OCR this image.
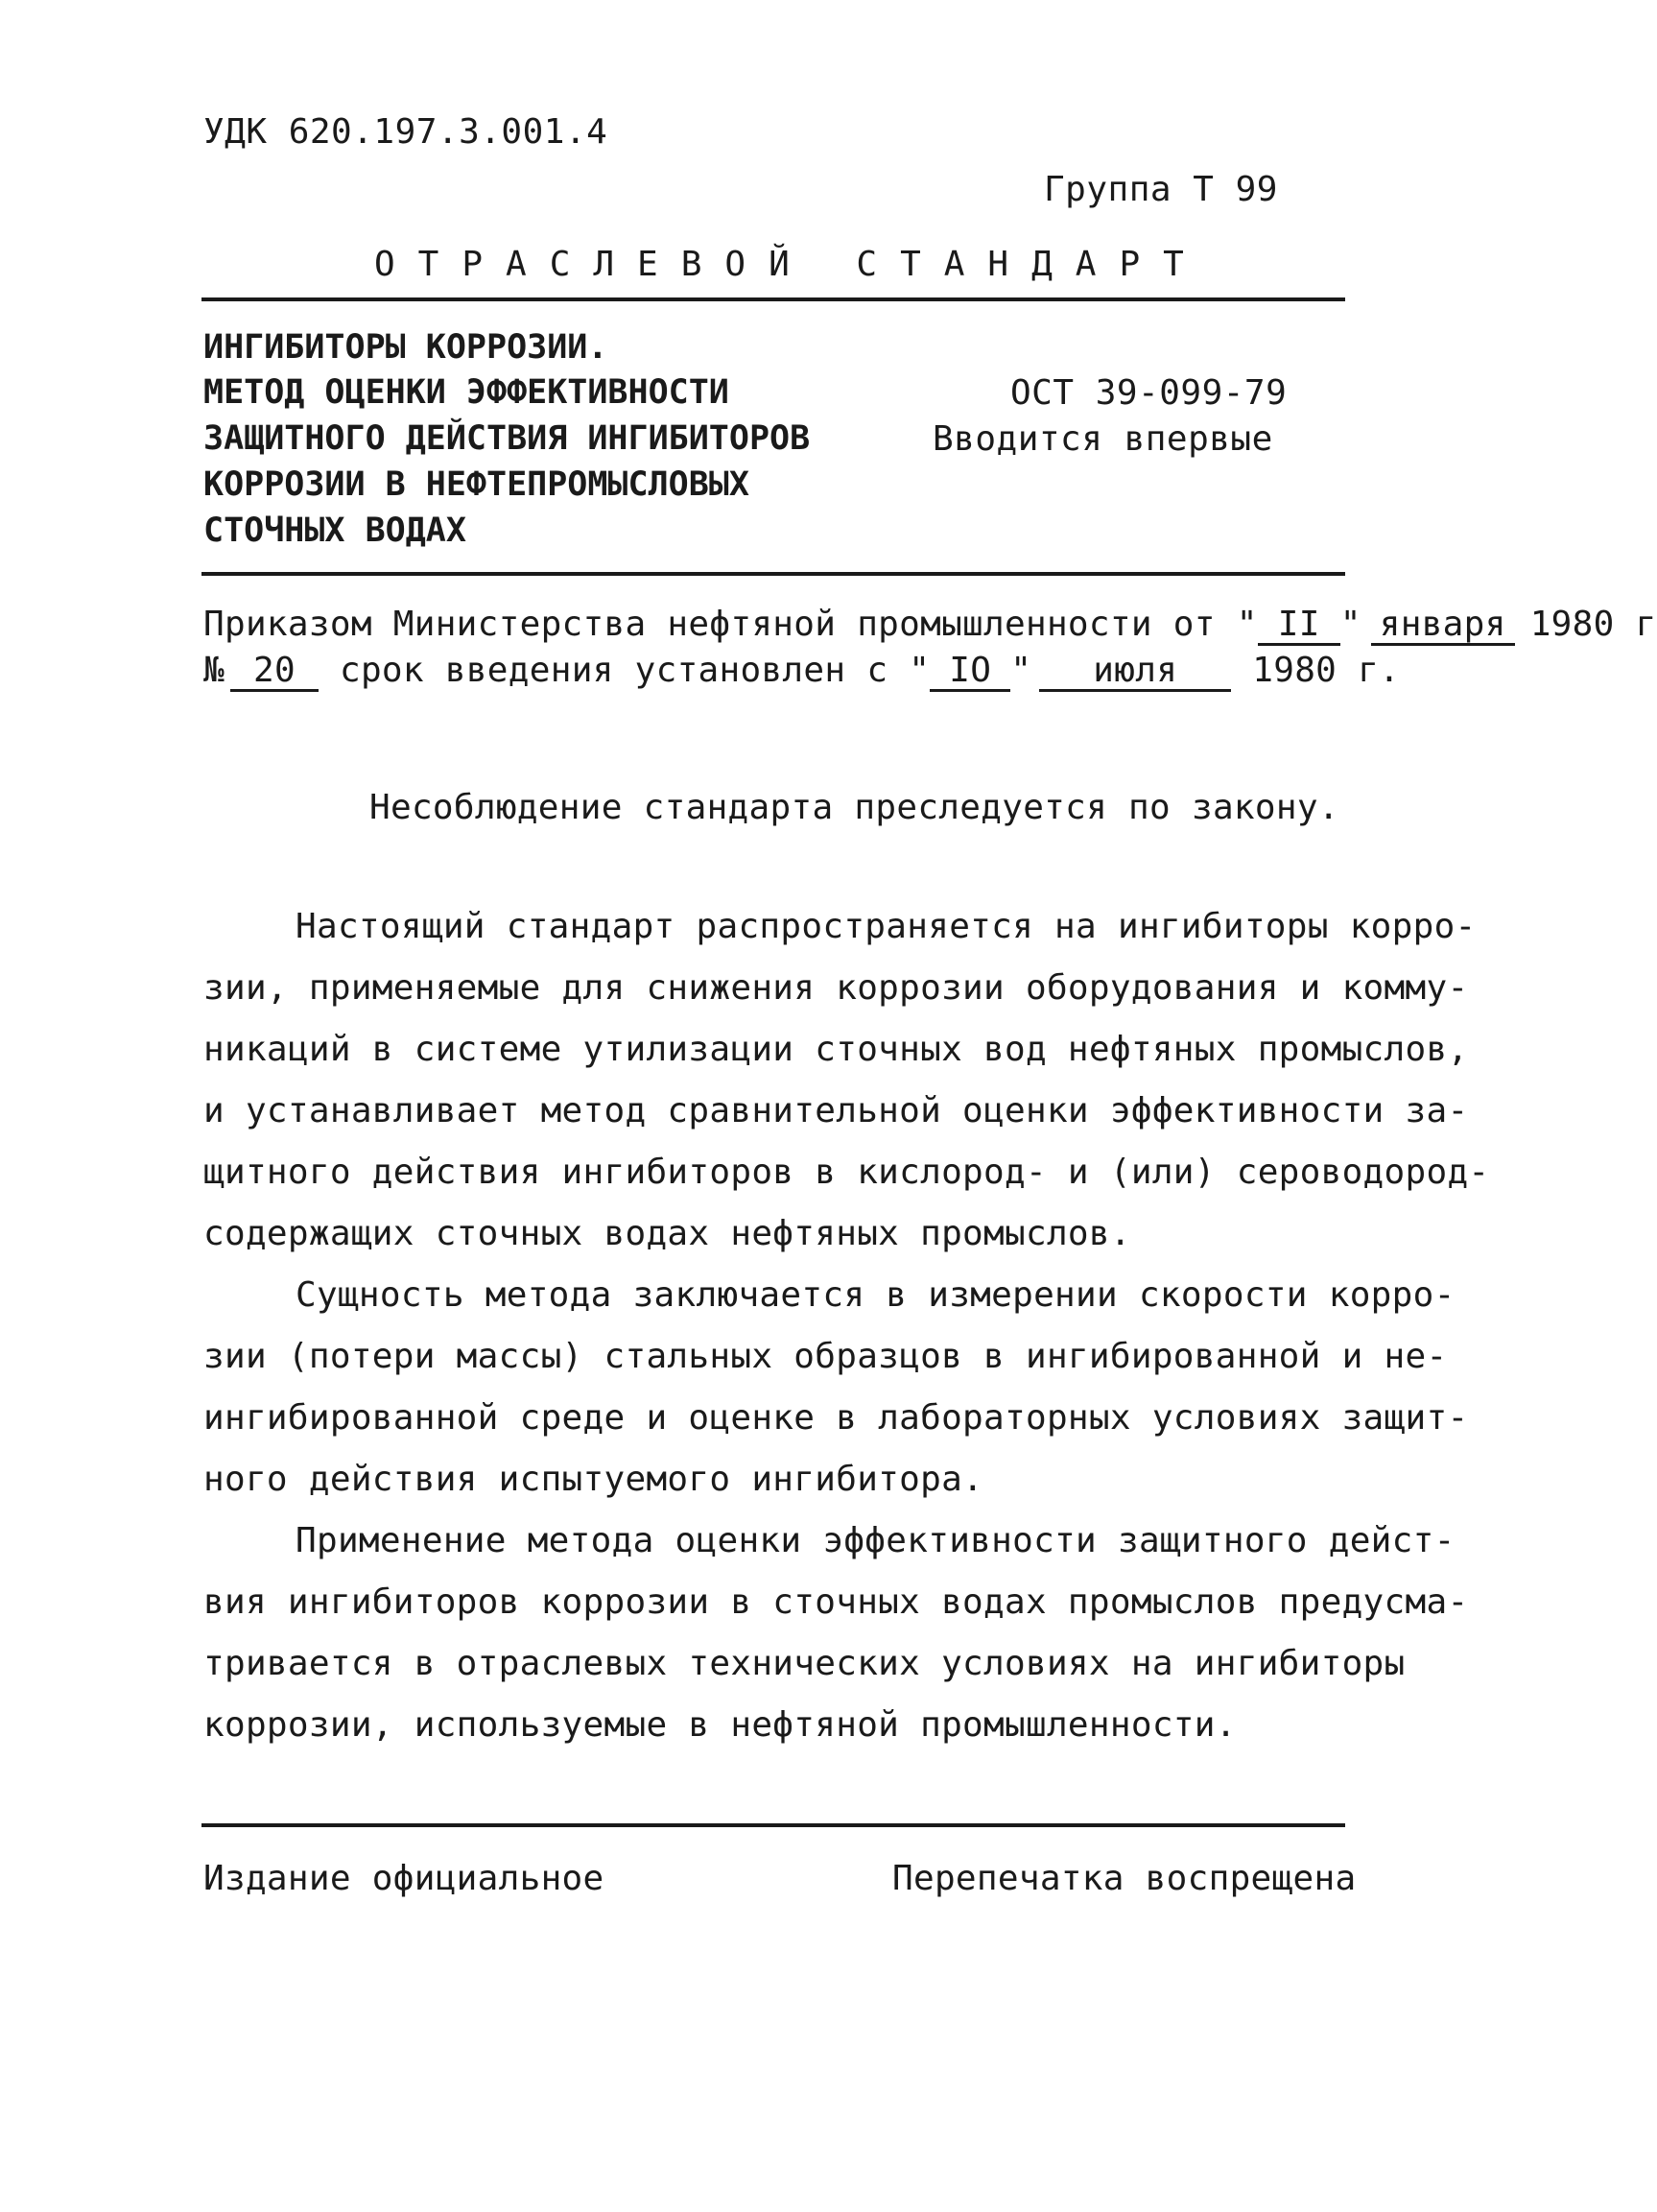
УДК 620.197.3.001.4
Группа Т 99
ОТРАСЛЕВОЙ СТАНДАРТ
ИНГИБИТОРЫ КОРРОЗИИ.
МЕТОД ОЦЕНКИ ЭФФЕКТИВНОСТИ
ЗАЩИТНОГО ДЕЙСТВИЯ ИНГИБИТОРОВ
КОРРОЗИИ В НЕФТЕПРОМЫСЛОВЫХ
СТОЧНЫХ ВОДАХ
ОСТ 39-099-79
Вводится впервые
Приказом Министерства нефтяной промышленности от " II " января 1980 г
№ 20 срок введения установлен с " IO " июля 1980 г.
Несоблюдение стандарта преследуется по закону.
Настоящий стандарт распространяется на ингибиторы корро-
зии, применяемые для снижения коррозии оборудования и комму-
никаций в системе утилизации сточных вод нефтяных промыслов,
и устанавливает метод сравнительной оценки эффективности за-
щитного действия ингибиторов в кислород- и (или) сероводород-
содержащих сточных водах нефтяных промыслов.
Сущность метода заключается в измерении скорости корро-
зии (потери массы) стальных образцов в ингибированной и не-
ингибированной среде и оценке в лабораторных условиях защит-
ного действия испытуемого ингибитора.
Применение метода оценки эффективности защитного дейст-
вия ингибиторов коррозии в сточных водах промыслов предусма-
тривается в отраслевых технических условиях на ингибиторы
коррозии, используемые в нефтяной промышленности.
Издание официальное	Перепечатка воспрещена
